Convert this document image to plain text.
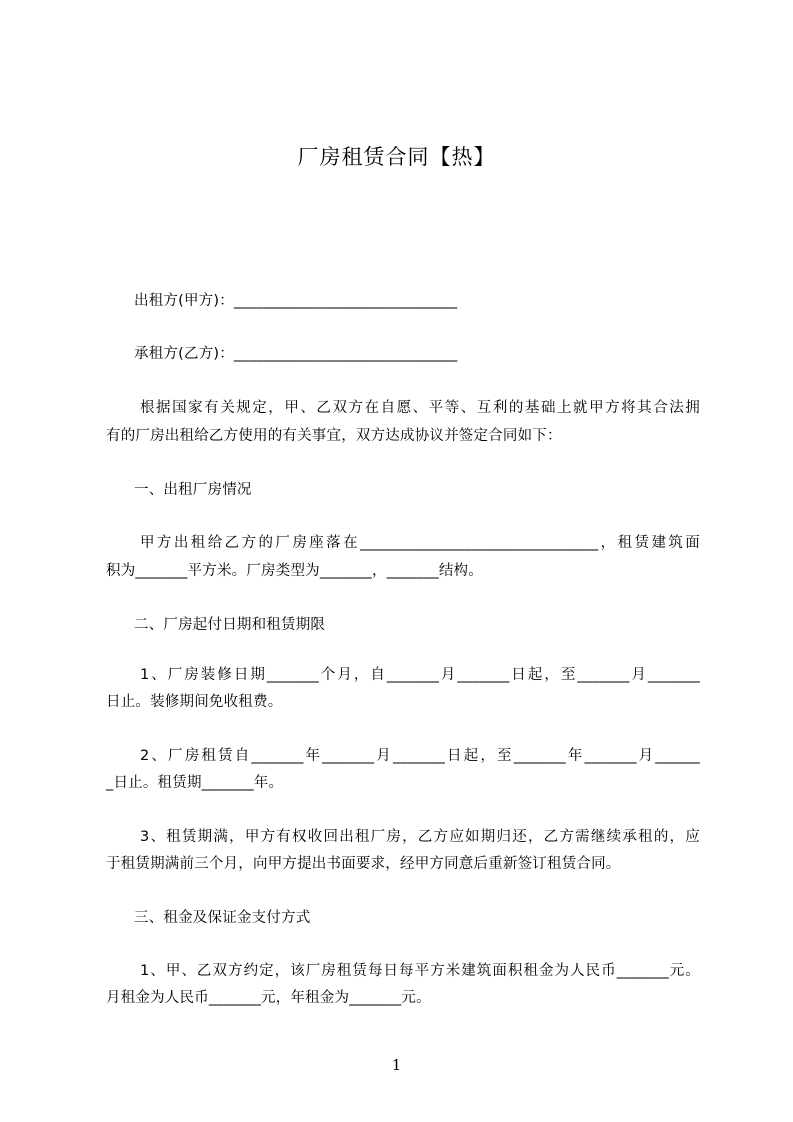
厂房租赁合同【热】
出租方(甲方)：______________________________
承租方(乙方)：______________________________
根据国家有关规定，甲、乙双方在自愿、平等、互利的基础上就甲方将其合法拥
有的厂房出租给乙方使用的有关事宜，双方达成协议并签定合同如下：
一、出租厂房情况
甲方出租给乙方的厂房座落在________________________________，租赁建筑面
积为_______平方米。厂房类型为_______，_______结构。
二、厂房起付日期和租赁期限
1、厂房装修日期_______个月，自_______月_______日起，至_______月_______
日止。装修期间免收租费。
2、厂房租赁自_______年_______月_______日起，至_______年_______月______
_日止。租赁期_______年。
3、租赁期满，甲方有权收回出租厂房，乙方应如期归还，乙方需继续承租的，应
于租赁期满前三个月，向甲方提出书面要求，经甲方同意后重新签订租赁合同。
三、租金及保证金支付方式
1、甲、乙双方约定，该厂房租赁每日每平方米建筑面积租金为人民币_______元。
月租金为人民币_______元，年租金为_______元。
1
